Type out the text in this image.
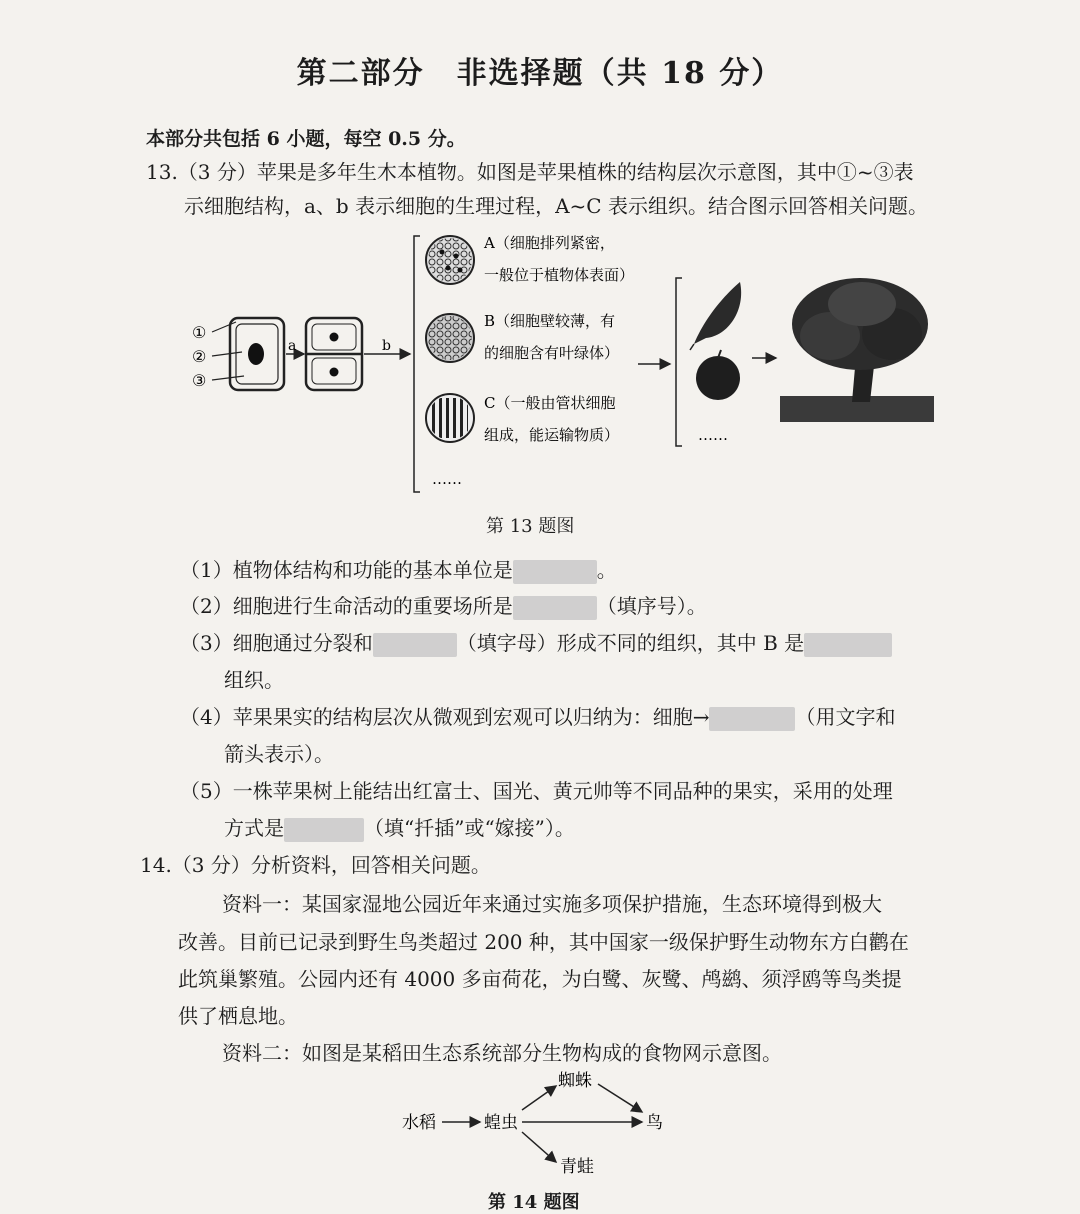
第二部分　非选择题（共 18 分）
本部分共包括 6 小题，每空 0.5 分。
13.（3 分）苹果是多年生木本植物。如图是苹果植株的结构层次示意图，其中①~③表
示细胞结构，a、b 表示细胞的生理过程，A~C 表示组织。结合图示回答相关问题。
①
②
③
a	b
A（细胞排列紧密，
一般位于植物体表面）
B（细胞壁较薄，有
的细胞含有叶绿体）
C（一般由管状细胞
组成，能运输物质）
……
……
第 13 题图
（1）植物体结构和功能的基本单位是	。
（2）细胞进行生命活动的重要场所是	（填序号）。
（3）细胞通过分裂和	（填字母）形成不同的组织，其中 B 是
组织。
（4）苹果果实的结构层次从微观到宏观可以归纳为：细胞→	（用文字和
箭头表示）。
（5）一株苹果树上能结出红富士、国光、黄元帅等不同品种的果实，采用的处理
方式是	（填“扦插”或“嫁接”）。
14.（3 分）分析资料，回答相关问题。
资料一：某国家湿地公园近年来通过实施多项保护措施，生态环境得到极大
改善。目前已记录到野生鸟类超过 200 种，其中国家一级保护野生动物东方白鹳在
此筑巢繁殖。公园内还有 4000 多亩荷花，为白鹭、灰鹭、鸬鹚、须浮鸥等鸟类提
供了栖息地。
资料二：如图是某稻田生态系统部分生物构成的食物网示意图。
水稻	蝗虫
蜘蛛
鸟
青蛙
第 14 题图
